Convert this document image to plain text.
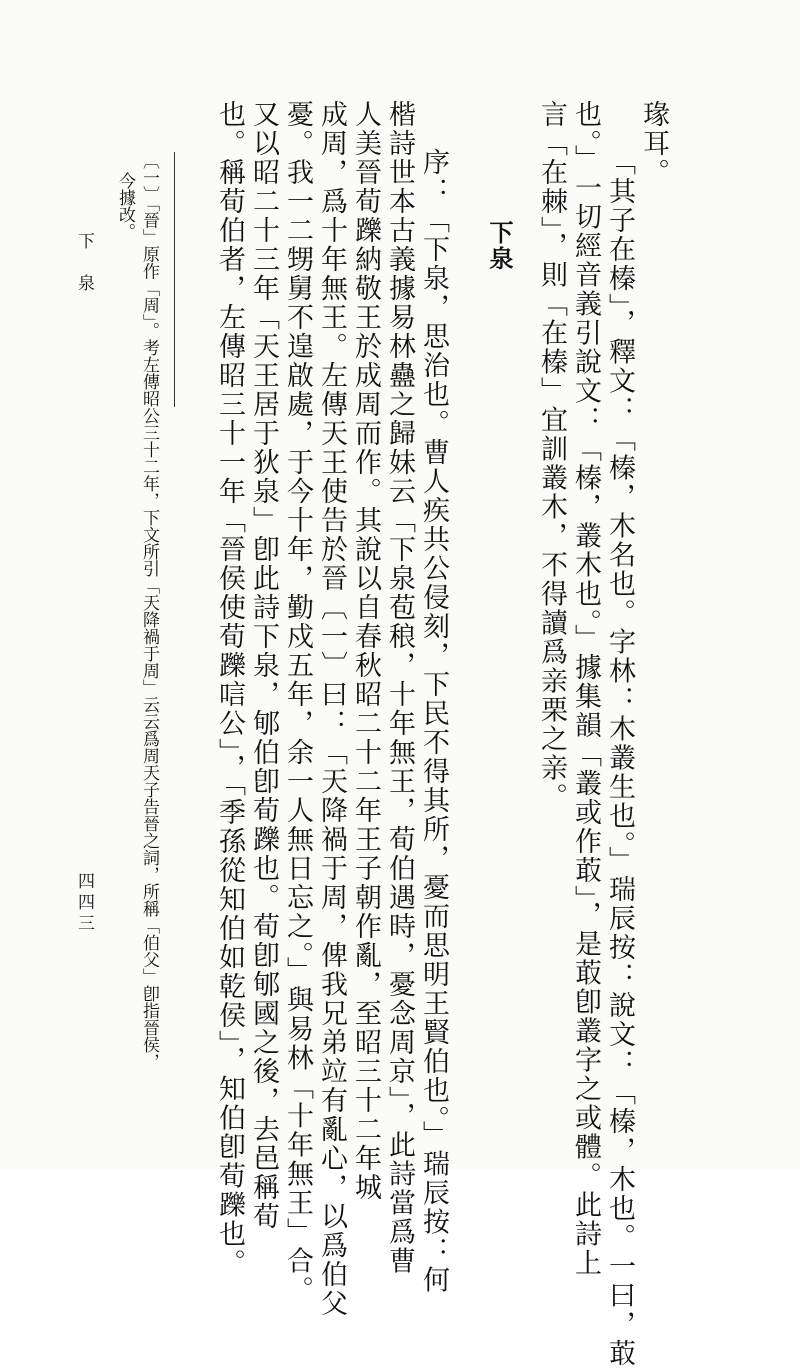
瑑耳。
「其子在榛」，釋文：「榛，木名也。字林：木叢生也。」瑞辰按：說文：「榛，木也。一曰，菆
也。」一切經音義引說文：「榛，叢木也。」據集韻「叢或作菆」，是菆卽叢字之或體。此詩上
言「在棘」，則「在榛」宜訓叢木，不得讀爲亲栗之亲。
下泉
序：「下泉，思治也。曹人疾共公侵刻，下民不得其所，憂而思明王賢伯也。」瑞辰按：何
楷詩世本古義據易林蠱之歸妹云「下泉苞稂，十年無王，荀伯遇時，憂念周京」，此詩當爲曹
人美晉荀躒納敬王於成周而作。其說以自春秋昭二十二年王子朝作亂，至昭三十二年城
成周，爲十年無王。左傳天王使告於晉〔一〕曰：「天降禍于周，俾我兄弟竝有亂心，以爲伯父
憂。我一二甥舅不遑啟處，于今十年，勤戍五年，余一人無日忘之。」與易林「十年無王」合。
又以昭二十三年「天王居于狄泉」卽此詩下泉，郇伯卽荀躒也。荀卽郇國之後，去邑稱荀
也。稱荀伯者，左傳昭三十一年「晉侯使荀躒唁公」，「季孫從知伯如乾侯」，知伯卽荀躒也。
〔一〕「晉」原作「周」。考左傳昭公三十二年，下文所引「天降禍于周」云云爲周天子告晉之詞，所稱「伯父」卽指晉侯，
今據改。
下　泉
四四三
